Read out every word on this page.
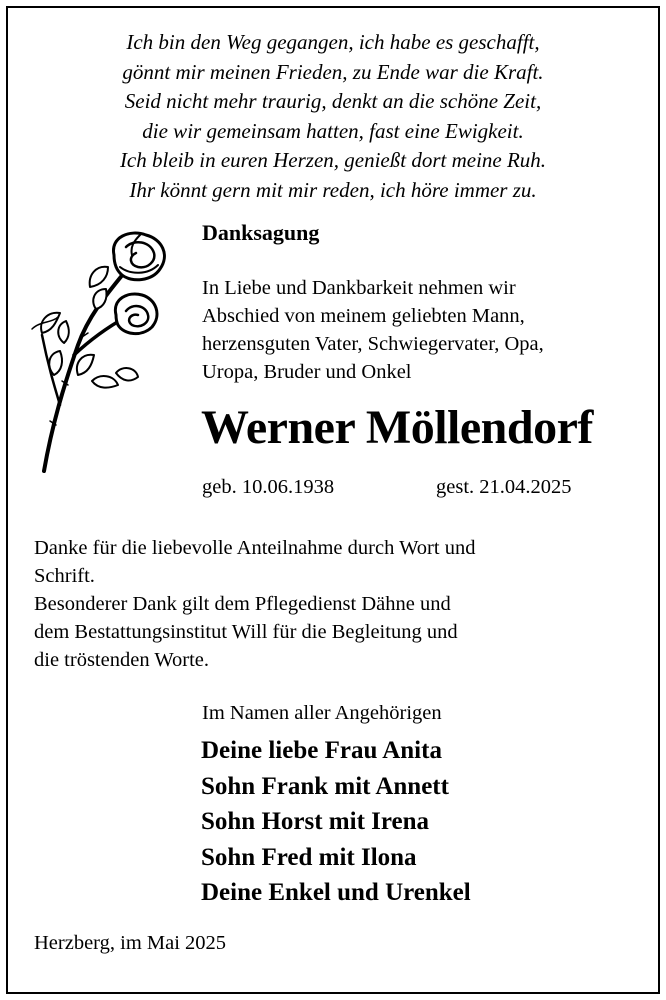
Ich bin den Weg gegangen, ich habe es geschafft,
gönnt mir meinen Frieden, zu Ende war die Kraft.
Seid nicht mehr traurig, denkt an die schöne Zeit,
die wir gemeinsam hatten, fast eine Ewigkeit.
Ich bleib in euren Herzen, genießt dort meine Ruh.
Ihr könnt gern mit mir reden, ich höre immer zu.
Danksagung
In Liebe und Dankbarkeit nehmen wir
Abschied von meinem geliebten Mann,
herzensguten Vater, Schwiegervater, Opa,
Uropa, Bruder und Onkel
Werner Möllendorf
geb. 10.06.1938	gest. 21.04.2025
Danke für die liebevolle Anteilnahme durch Wort und
Schrift.
Besonderer Dank gilt dem Pflegedienst Dähne und
dem Bestattungsinstitut Will für die Begleitung und
die tröstenden Worte.
Im Namen aller Angehörigen
Deine liebe Frau Anita
Sohn Frank mit Annett
Sohn Horst mit Irena
Sohn Fred mit Ilona
Deine Enkel und Urenkel
Herzberg, im Mai 2025
